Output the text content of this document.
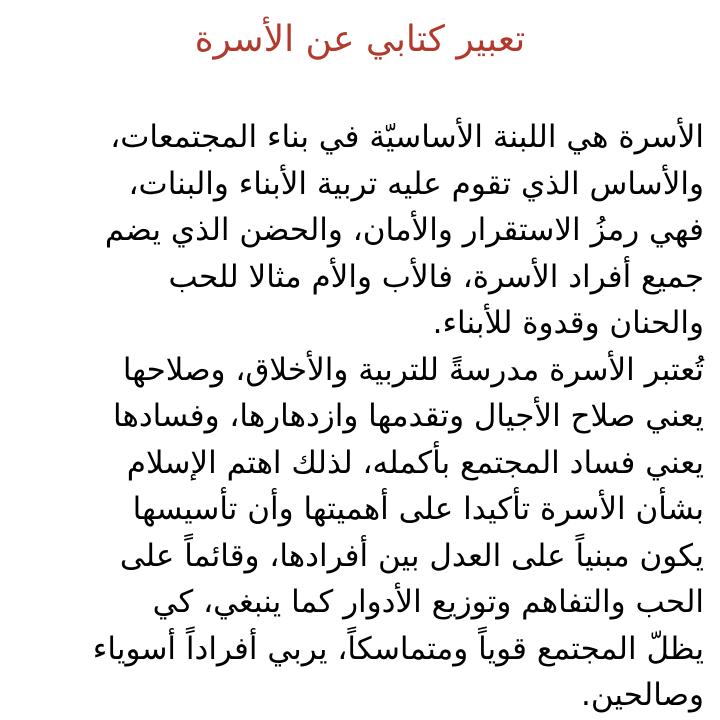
تعبير كتابي عن الأسرة
الأسرة هي اللبنة الأساسيّة في بناء المجتمعات،
والأساس الذي تقوم عليه تربية الأبناء والبنات،
فهي رمزُ الاستقرار والأمان، والحضن الذي يضم
جميع أفراد الأسرة، فالأب والأم مثالا للحب
والحنان وقدوة للأبناء.
تُعتبر الأسرة مدرسةً للتربية والأخلاق، وصلاحها
يعني صلاح الأجيال وتقدمها وازدهارها، وفسادها
يعني فساد المجتمع بأكمله، لذلك اهتم الإسلام
بشأن الأسرة تأكيدا على أهميتها وأن تأسيسها
يكون مبنياً على العدل بين أفرادها، وقائماً على
الحب والتفاهم وتوزيع الأدوار كما ينبغي، كي
يظلّ المجتمع قوياً ومتماسكاً، يربي أفراداً أسوياء
وصالحين.
